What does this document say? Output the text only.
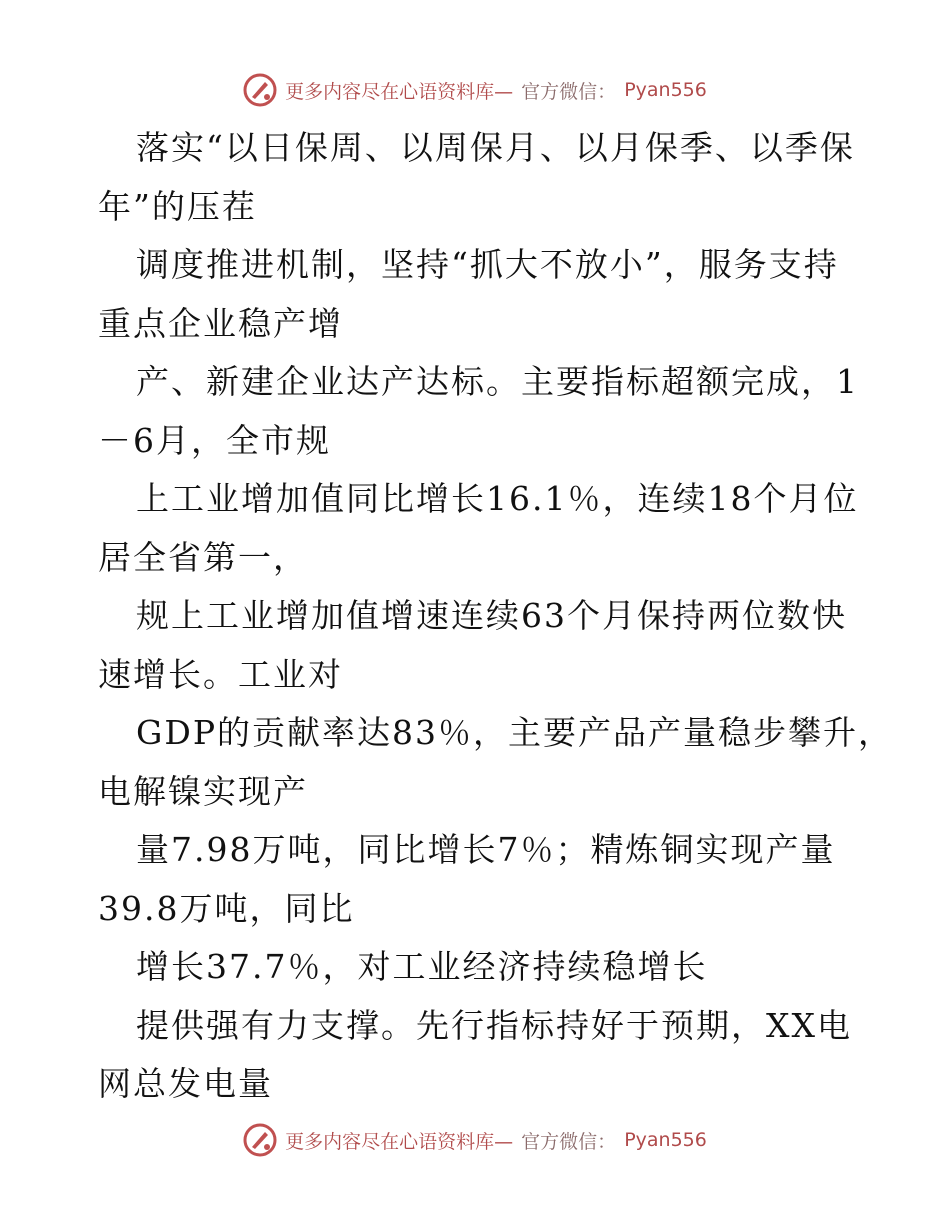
更多内容尽在心语资料库— 官方微信： Pyan556
落实“以日保周、以周保月、以月保季、以季保
年”的压茬
调度推进机制，坚持“抓大不放小”，服务支持
重点企业稳产增
产、新建企业达产达标。主要指标超额完成，1
－6月，全市规
上工业增加值同比增长16.1％，连续18个月位
居全省第一，
规上工业增加值增速连续63个月保持两位数快
速增长。工业对
GDP的贡献率达83％，主要产品产量稳步攀升，
电解镍实现产
量7.98万吨，同比增长7％；精炼铜实现产量
39.8万吨，同比
增长37.7％，对工业经济持续稳增长
提供强有力支撑。先行指标持好于预期，XX电
网总发电量
更多内容尽在心语资料库— 官方微信： Pyan556
